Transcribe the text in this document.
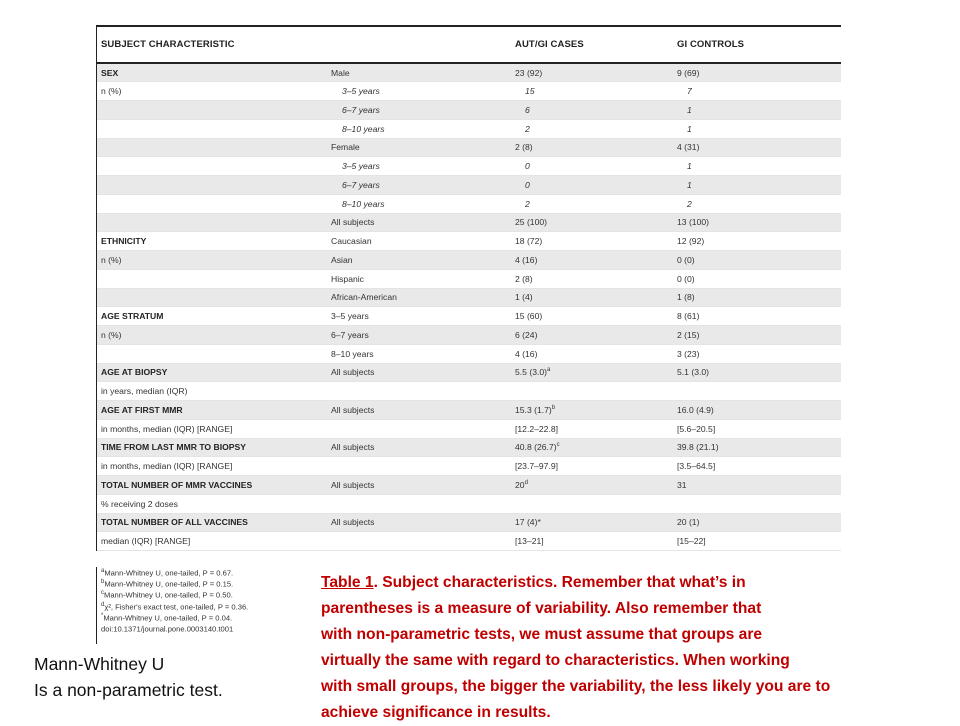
SUBJECT CHARACTERISTIC		AUT/GI CASES	GI CONTROLS
SEX	Male	23 (92)	9 (69)
n (%)	3–5 years	15	7
	6–7 years	6	1
	8–10 years	2	1
	Female	2 (8)	4 (31)
	3–5 years	0	1
	6–7 years	0	1
	8–10 years	2	2
	All subjects	25 (100)	13 (100)
ETHNICITY	Caucasian	18 (72)	12 (92)
n (%)	Asian	4 (16)	0 (0)
	Hispanic	2 (8)	0 (0)
	African-American	1 (4)	1 (8)
AGE STRATUM	3–5 years	15 (60)	8 (61)
n (%)	6–7 years	6 (24)	2 (15)
	8–10 years	4 (16)	3 (23)
AGE AT BIOPSY	All subjects	5.5 $(3.0)^a$	5.1 (3.0)
in years, median (IQR)			
AGE AT FIRST MMR	All subjects	15.3 $(1.7)^b$	16.0 (4.9)
in months, median (IQR) [RANGE]		[12.2–22.8]	[5.6–20.5]
TIME FROM LAST MMR TO BIOPSY	All subjects	40.8 $(26.7)^c$	39.8 (21.1)
in months, median (IQR) [RANGE]		[23.7–97.9]	[3.5–64.5]
TOTAL NUMBER OF MMR VACCINES	All subjects	20$^d$	31
% receiving 2 doses			
TOTAL NUMBER OF ALL VACCINES	All subjects	17 (4)*	20 (1)
median (IQR) [RANGE]		[13–21]	[15–22]
$^a$Mann-Whitney U, one-tailed, P = 0.67.
$^b$Mann-Whitney U, one-tailed, P = 0.15.
$^c$Mann-Whitney U, one-tailed, P = 0.50.
$^d$χ², Fisher's exact test, one-tailed, P = 0.36.
*Mann-Whitney U, one-tailed, P = 0.04.
doi:10.1371/journal.pone.0003140.t001
Table 1. Subject characteristics. Remember that what’s in
parentheses is a measure of variability. Also remember that
with non-parametric tests, we must assume that groups are
virtually the same with regard to characteristics. When working
with small groups, the bigger the variability, the less likely you are to
achieve significance in results.
Mann-Whitney U
Is a non-parametric test.
